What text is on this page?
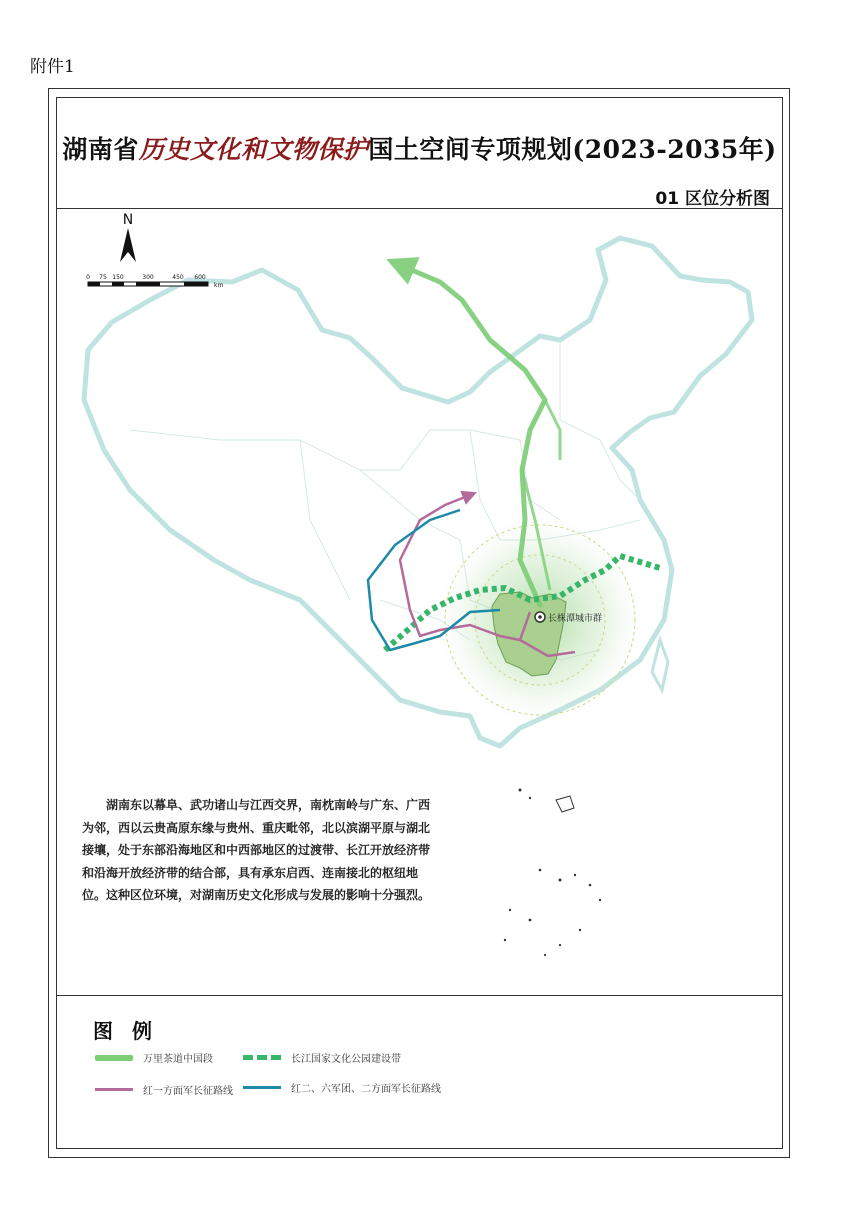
附件1
湖南省历史文化和文物保护国土空间专项规划(2023-2035年)
01 区位分析图
长株潭城市群
N
0 75 150	300	450 600
km
湖南东以幕阜、武功诸山与江西交界，南枕南岭与广东、广西为邻，西以云贵高原东缘与贵州、重庆毗邻，北以滨湖平原与湖北接壤，处于东部沿海地区和中西部地区的过渡带、长江开放经济带和沿海开放经济带的结合部，具有承东启西、连南接北的枢纽地位。这种区位环境，对湖南历史文化形成与发展的影响十分强烈。
图 例
万里茶道中国段	长江国家文化公园建设带
红一方面军长征路线	红二、六军团、二方面军长征路线
